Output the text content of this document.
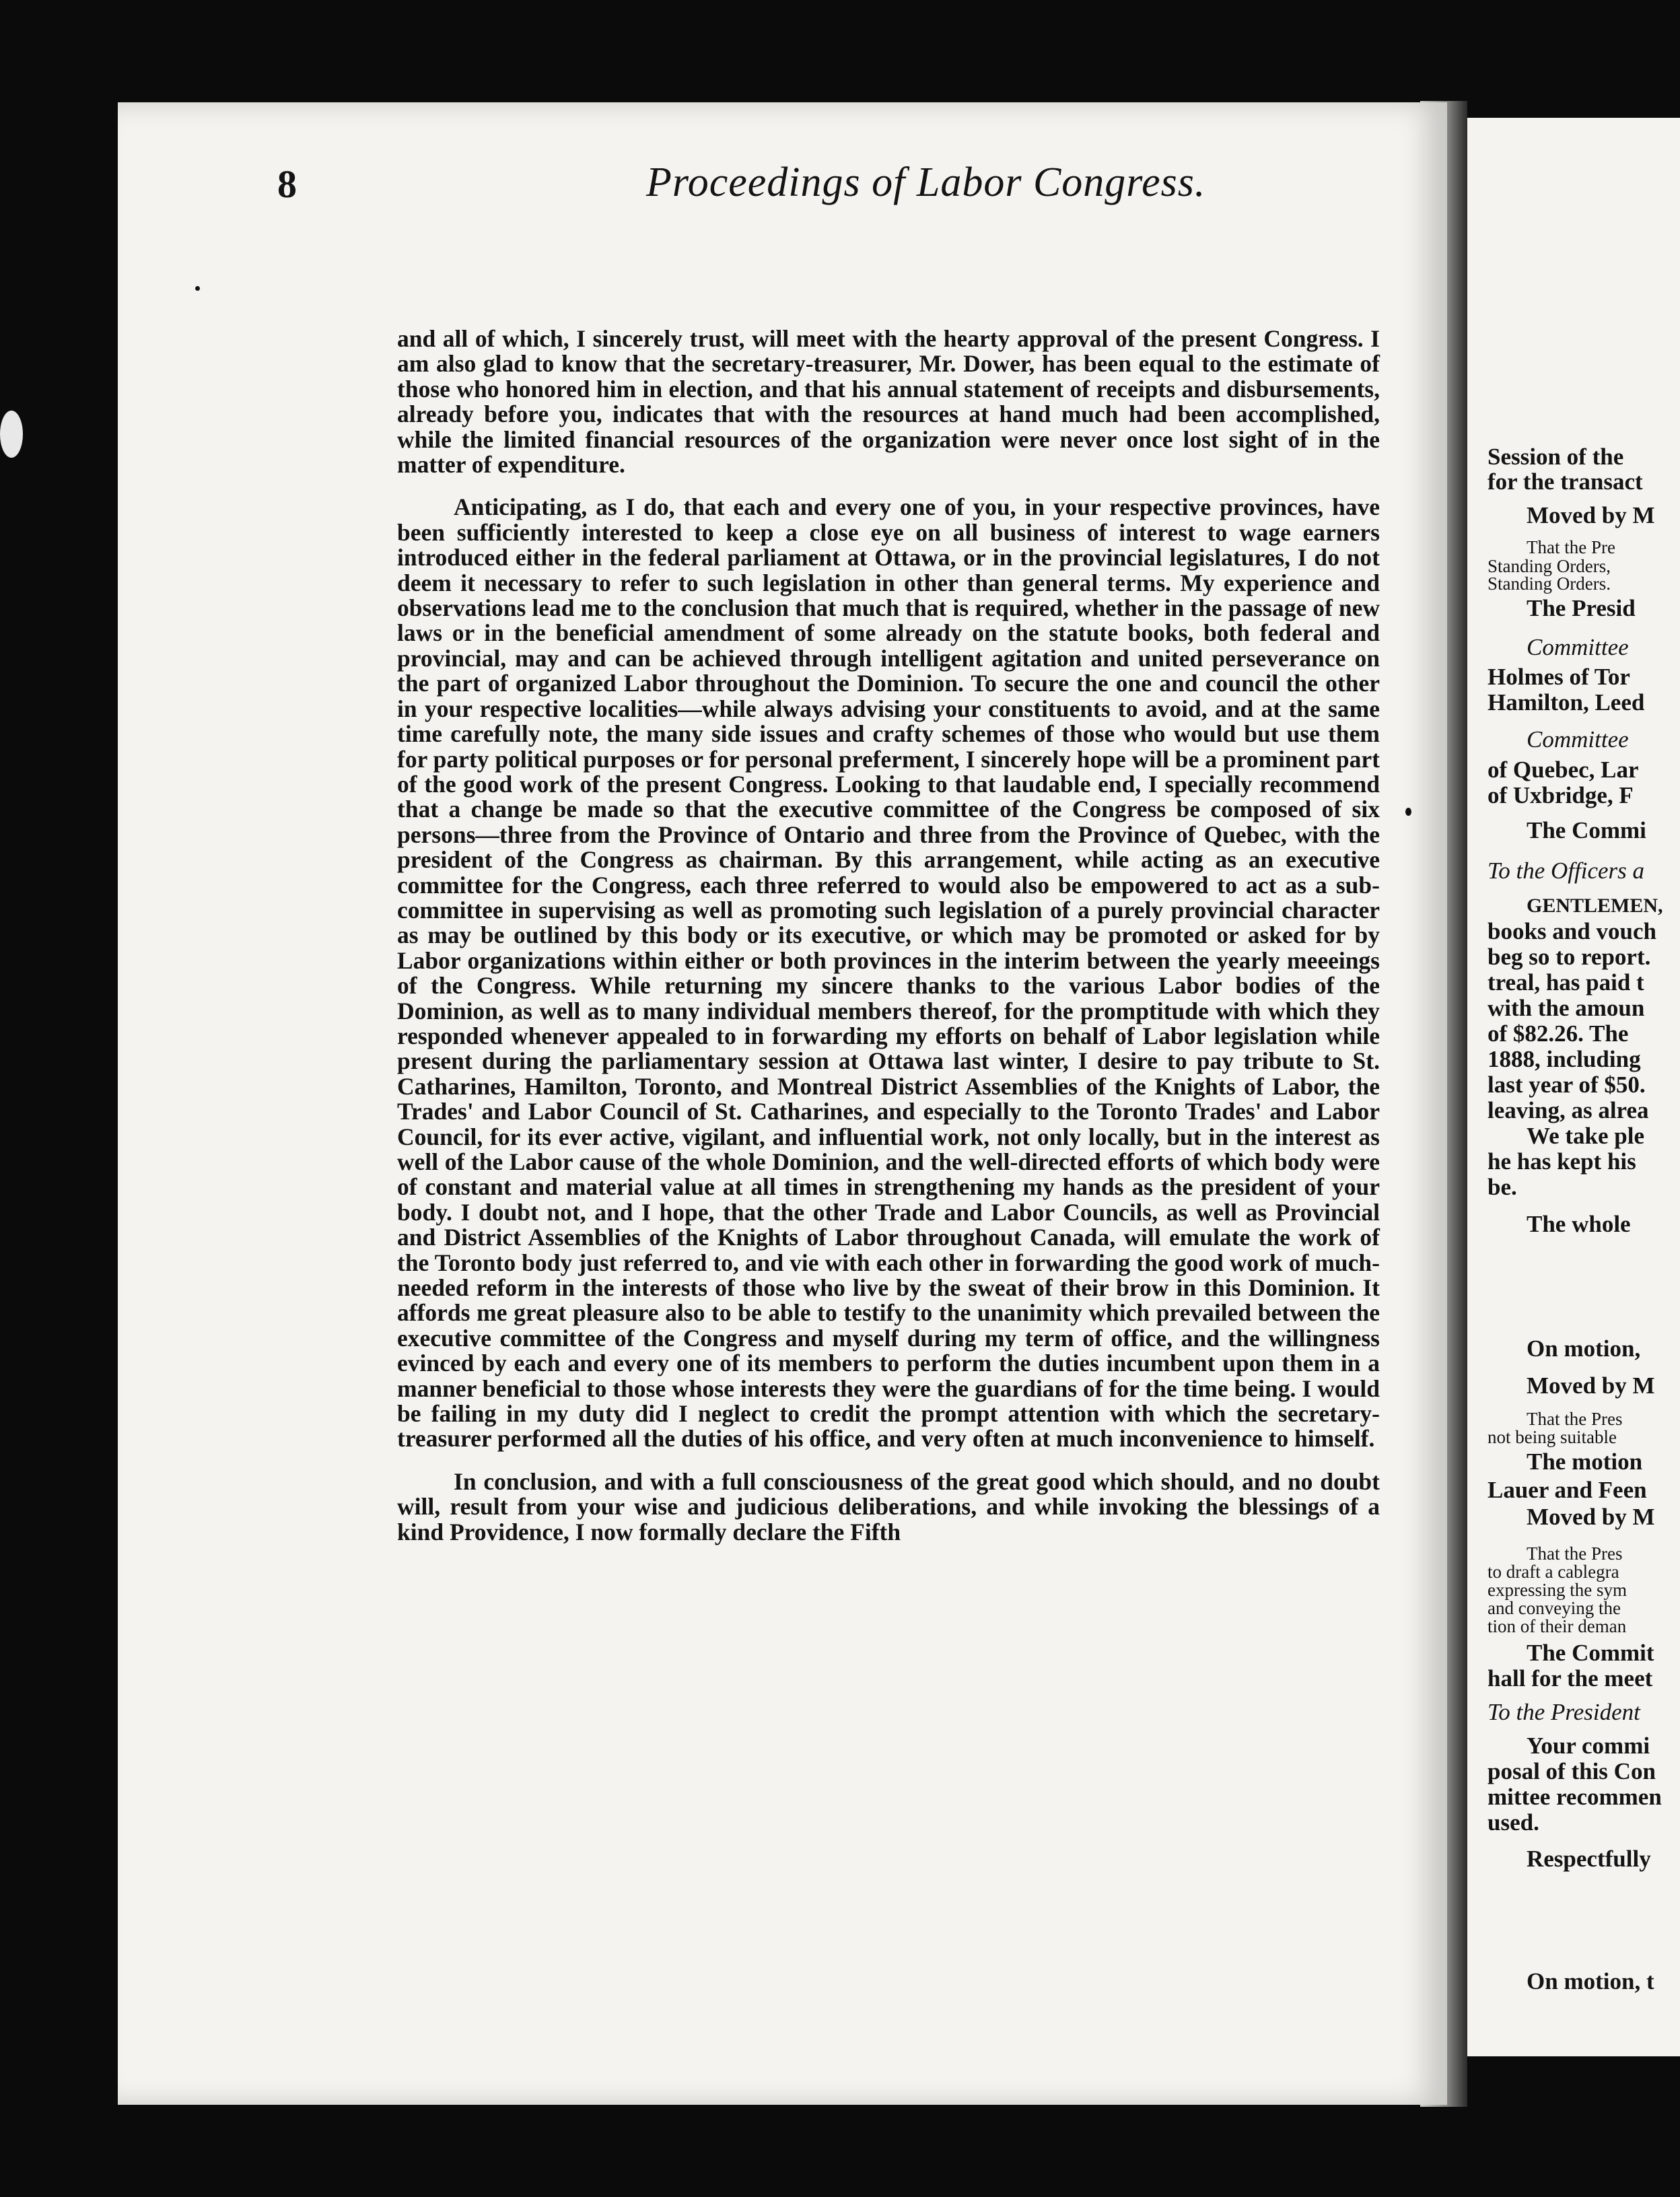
Session of the
for the transact
Moved by M
That the Pre
Standing Orders,
Standing Orders.
The Presid
Committee
Holmes of Tor
Hamilton, Leed
Committee
of Quebec, Lar
of Uxbridge, F
The Commi
To the Officers a
GENTLEMEN,
books and vouch
beg so to report.
treal, has paid t
with the amoun
of $82.26. The
1888, including
last year of $50.
leaving, as alrea
We take ple
he has kept his
be.
The whole
On motion,
Moved by M
That the Pres
not being suitable
The motion
Lauer and Feen
Moved by M
That the Pres
to draft a cablegra
expressing the sym
and conveying the
tion of their deman
The Commit
hall for the meet
To the President
Your commi
posal of this Con
mittee recommen
used.
Respectfully
On motion, t
8	Proceedings of Labor Congress.

and all of which, I sincerely trust, will meet with the hearty approval of the present Congress. I am also glad to know that the secretary-treasurer, Mr. Dower, has been equal to the estimate of those who honored him in election, and that his annual statement of receipts and disbursements, already before you, indicates that with the resources at hand much had been accomplished, while the limited financial resources of the organization were never once lost sight of in the matter of expenditure.

Anticipating, as I do, that each and every one of you, in your respective provinces, have been sufficiently interested to keep a close eye on all business of interest to wage earners introduced either in the federal parliament at Ottawa, or in the provincial legislatures, I do not deem it necessary to refer to such legislation in other than general terms. My experience and observations lead me to the conclusion that much that is required, whether in the passage of new laws or in the beneficial amendment of some already on the statute books, both federal and provincial, may and can be achieved through intelligent agitation and united perseverance on the part of organized Labor throughout the Dominion. To secure the one and council the other in your respective localities—while always advising your constituents to avoid, and at the same time carefully note, the many side issues and crafty schemes of those who would but use them for party political purposes or for personal preferment, I sincerely hope will be a prominent part of the good work of the present Congress. Looking to that laudable end, I specially recommend that a change be made so that the executive committee of the Congress be composed of six persons—three from the Province of Ontario and three from the Province of Quebec, with the president of the Congress as chairman. By this arrangement, while acting as an executive committee for the Congress, each three referred to would also be empowered to act as a sub-committee in supervising as well as promoting such legislation of a purely provincial character as may be outlined by this body or its executive, or which may be promoted or asked for by Labor organizations within either or both provinces in the interim between the yearly meeeings of the Congress. While returning my sincere thanks to the various Labor bodies of the Dominion, as well as to many individual members thereof, for the promptitude with which they responded whenever appealed to in forwarding my efforts on behalf of Labor legislation while present during the parliamentary session at Ottawa last winter, I desire to pay tribute to St. Catharines, Hamilton, Toronto, and Montreal District Assemblies of the Knights of Labor, the Trades' and Labor Council of St. Catharines, and especially to the Toronto Trades' and Labor Council, for its ever active, vigilant, and influential work, not only locally, but in the interest as well of the Labor cause of the whole Dominion, and the well-directed efforts of which body were of constant and material value at all times in strengthening my hands as the president of your body. I doubt not, and I hope, that the other Trade and Labor Councils, as well as Provincial and District Assemblies of the Knights of Labor throughout Canada, will emulate the work of the Toronto body just referred to, and vie with each other in forwarding the good work of much-needed reform in the interests of those who live by the sweat of their brow in this Dominion. It affords me great pleasure also to be able to testify to the unanimity which prevailed between the executive committee of the Congress and myself during my term of office, and the willingness evinced by each and every one of its members to perform the duties incumbent upon them in a manner beneficial to those whose interests they were the guardians of for the time being. I would be failing in my duty did I neglect to credit the prompt attention with which the secretary-treasurer performed all the duties of his office, and very often at much inconvenience to himself.

In conclusion, and with a full consciousness of the great good which should, and no doubt will, result from your wise and judicious deliberations, and while invoking the blessings of a kind Providence, I now formally declare the Fifth
